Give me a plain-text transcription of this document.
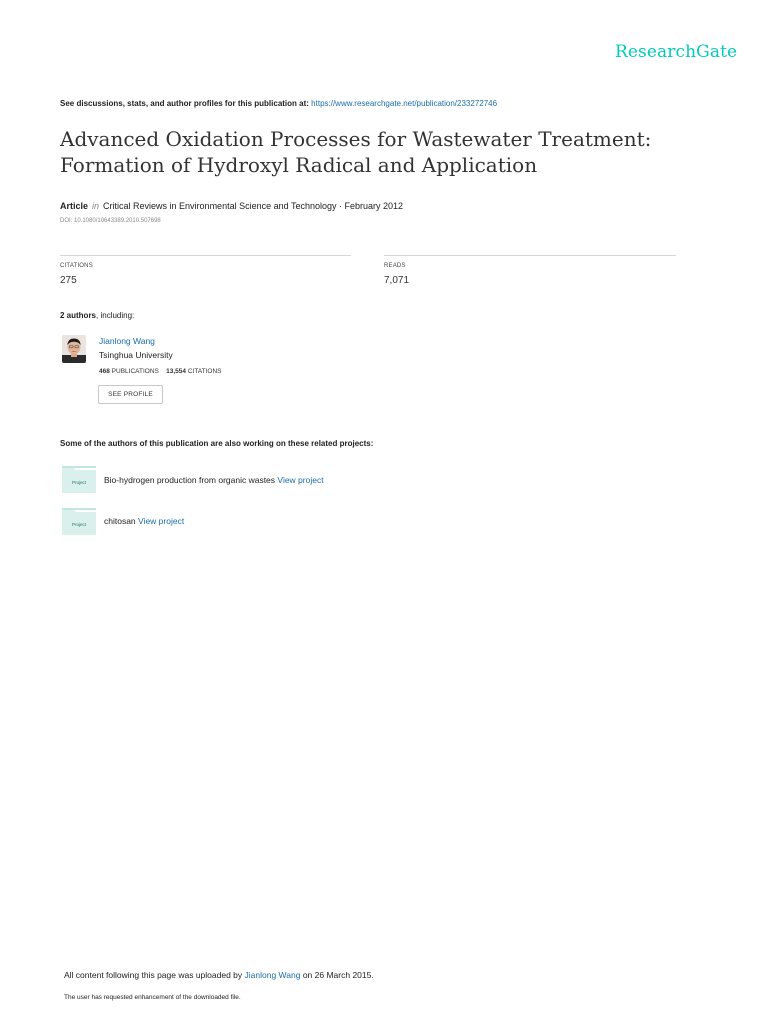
ResearchGate
See discussions, stats, and author profiles for this publication at: https://www.researchgate.net/publication/233272746
Advanced Oxidation Processes for Wastewater Treatment:
Formation of Hydroxyl Radical and Application
Article in Critical Reviews in Environmental Science and Technology · February 2012
DOI: 10.1080/10643389.2010.507698
CITATIONS
275
READS
7,071
2 authors, including:
Jianlong Wang
Tsinghua University
468 PUBLICATIONS 13,554 CITATIONS
SEE PROFILE
Some of the authors of this publication are also working on these related projects:
Project Bio-hydrogen production from organic wastes View project
Project chitosan View project
All content following this page was uploaded by Jianlong Wang on 26 March 2015.
The user has requested enhancement of the downloaded file.
